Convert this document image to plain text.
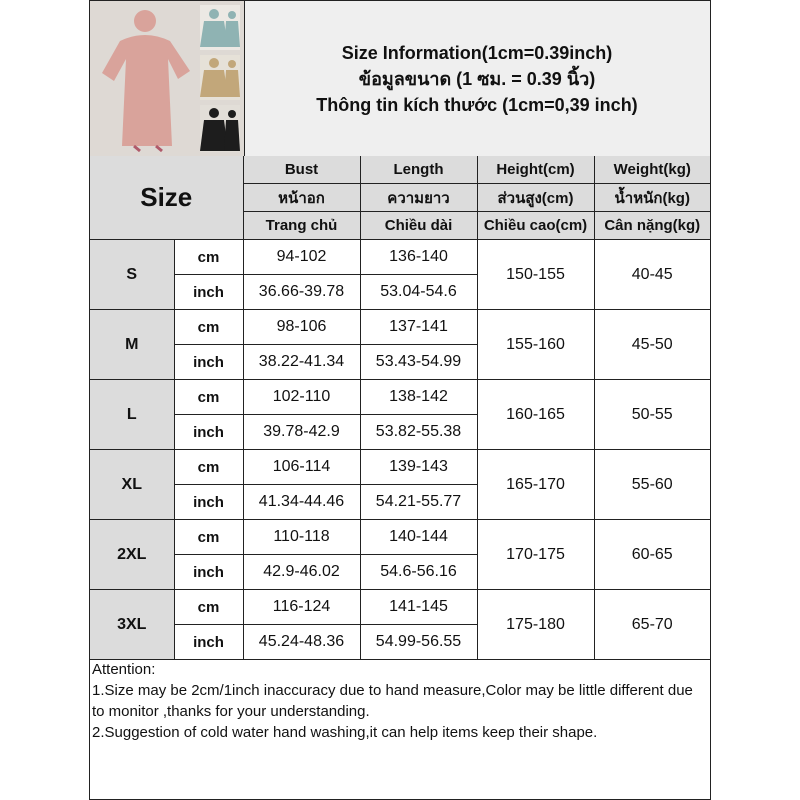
Size Information(1cm=0.39inch)
ข้อมูลขนาด (1 ซม. = 0.39 นิ้ว)
Thông tin kích thước (1cm=0,39 inch)
Size		Bust	Length	Height(cm)	Weight(kg)
		หน้าอก	ความยาว	ส่วนสูง(cm)	น้ำหนัก(kg)
		Trang chủ	Chiều dài	Chiều cao(cm)	Cân nặng(kg)
S	cm	94-102	136-140	150-155	40-45
	inch	36.66-39.78	53.04-54.6		
M	cm	98-106	137-141	155-160	45-50
	inch	38.22-41.34	53.43-54.99		
L	cm	102-110	138-142	160-165	50-55
	inch	39.78-42.9	53.82-55.38		
XL	cm	106-114	139-143	165-170	55-60
	inch	41.34-44.46	54.21-55.77		
2XL	cm	110-118	140-144	170-175	60-65
	inch	42.9-46.02	54.6-56.16		
3XL	cm	116-124	141-145	175-180	65-70
	inch	45.24-48.36	54.99-56.55		
Attention:
1.Size may be 2cm/1inch inaccuracy due to hand measure,Color may be little different due to monitor ,thanks for your understanding.
2.Suggestion of cold water hand washing,it can help items keep their shape.
